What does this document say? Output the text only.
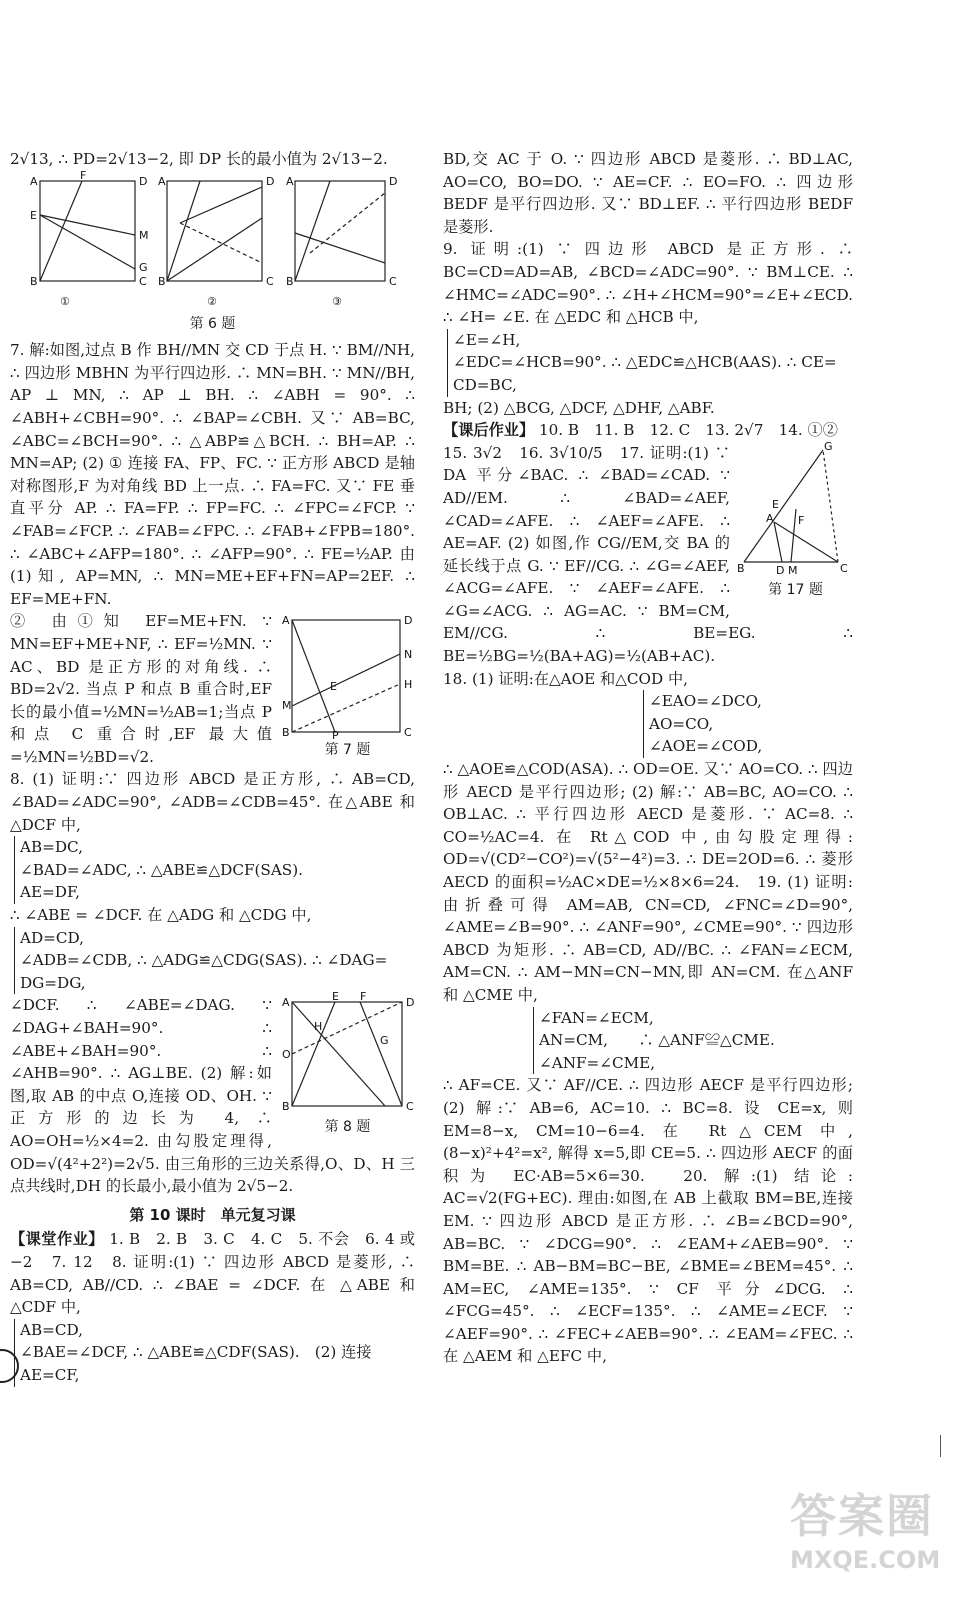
2√13, ∴ PD=2√13−2, 即 DP 长的最小值为 2√13−2.

A	D
B	C
E
F
M
G
A	D
B	C
A	D
B	C
①	②	③
第 6 题

7. 解:如图,过点 B 作 BH//MN 交 CD 于点 H. ∵ BM//NH, ∴ 四边形 MBHN 为平行四边形. ∴ MN=BH. ∵ MN//BH, AP ⊥ MN, ∴ AP ⊥ BH. ∴ ∠ABH = 90°. ∴ ∠ABH+∠CBH=90°. ∴ ∠BAP=∠CBH. 又∵ AB=BC, ∠ABC=∠BCH=90°. ∴ △ABP≌△BCH. ∴ BH=AP. ∴ MN=AP; (2) ① 连接 FA、FP、FC. ∵ 正方形 ABCD 是轴对称图形,F 为对角线 BD 上一点. ∴ FA=FC. 又∵ FE 垂直平分 AP. ∴ FA=FP. ∴ FP=FC. ∴ ∠FPC=∠FCP. ∵ ∠FAB=∠FCP. ∴ ∠FAB=∠FPC. ∴ ∠FAB+∠FPB=180°. ∴ ∠ABC+∠AFP=180°. ∴ ∠AFP=90°. ∴ FE=½AP. 由(1)知, AP=MN, ∴ MN=ME+EF+FN=AP=2EF. ∴ EF=ME+FN.

A	D
B	C
M
N
H
E
P
第 7 题

② 由①知 EF=ME+FN. ∵ MN=EF+ME+NF, ∴ EF=½MN. ∵ AC、BD 是正方形的对角线. ∴ BD=2√2. 当点 P 和点 B 重合时,EF 长的最小值=½MN=½AB=1;当点 P 和点 C 重合时,EF 最大值=½MN=½BD=√2.

8. (1) 证明:∵ 四边形 ABCD 是正方形, ∴ AB=CD, ∠BAD=∠ADC=90°, ∠ADB=∠CDB=45°. 在△ABE 和 △DCF 中,

AB=DC,
∠BAD=∠ADC, ∴ △ABE≌△DCF(SAS).
AE=DF,

∴ ∠ABE = ∠DCF. 在 △ADG 和 △CDG 中,

AD=CD,
∠ADB=∠CDB, ∴ △ADG≌△CDG(SAS). ∴ ∠DAG=
DG=DG,
A	D
B	C
E F
O
H
G
第 8 题

∠DCF. ∴ ∠ABE=∠DAG. ∵ ∠DAG+∠BAH=90°. ∴ ∠ABE+∠BAH=90°. ∴ ∠AHB=90°. ∴ AG⊥BE. (2) 解:如图,取 AB 的中点 O,连接 OD、OH. ∵ 正方形的边长为 4, ∴ AO=OH=½×4=2. 由勾股定理得, OD=√(4²+2²)=2√5. 由三角形的三边关系得,O、D、H 三点共线时,DH 的长最小,最小值为 2√5−2.

第 10 课时　单元复习课

【课堂作业】 1. B　2. B　3. C　4. C　5. 不会　6. 4 或−2　7. 12　8. 证明:(1) ∵ 四边形 ABCD 是菱形, ∴ AB=CD, AB//CD. ∴ ∠BAE = ∠DCF. 在 △ABE 和 △CDF 中,

AB=CD,
∠BAE=∠DCF, ∴ △ABE≌△CDF(SAS).　(2) 连接
AE=CF,

BD,交 AC 于 O. ∵ 四边形 ABCD 是菱形. ∴ BD⊥AC, AO=CO, BO=DO. ∵ AE=CF. ∴ EO=FO. ∴ 四边形 BEDF 是平行四边形. 又∵ BD⊥EF. ∴ 平行四边形 BEDF 是菱形.

9. 证明:(1) ∵ 四边形 ABCD 是正方形. ∴ BC=CD=AD=AB, ∠BCD=∠ADC=90°. ∵ BM⊥CE. ∴ ∠HMC=∠ADC=90°. ∴ ∠H+∠HCM=90°=∠E+∠ECD. ∴ ∠H= ∠E. 在 △EDC 和 △HCB 中,

∠E=∠H,
∠EDC=∠HCB=90°. ∴ △EDC≌△HCB(AAS). ∴ CE=
CD=BC,

BH; (2) △BCG, △DCF, △DHF, △ABF.

【课后作业】 10. B　11. B　12. C　13. 2√7　14. ①②

B	C
G
A
E
F
D M
第 17 题

15. 3√2　16. 3√10/5　17. 证明:(1) ∵ DA 平分∠BAC. ∴ ∠BAD=∠CAD. ∵ AD//EM. ∴ ∠BAD=∠AEF, ∠CAD=∠AFE. ∴ ∠AEF=∠AFE. ∴ AE=AF. (2) 如图,作 CG//EM,交 BA 的延长线于点 G. ∵ EF//CG. ∴ ∠G=∠AEF, ∠ACG=∠AFE. ∵ ∠AEF=∠AFE. ∴ ∠G=∠ACG. ∴ AG=AC. ∵ BM=CM, EM//CG. ∴ BE=EG. ∴ BE=½BG=½(BA+AG)=½(AB+AC).

18. (1) 证明:在△AOE 和△COD 中,

∠EAO=∠DCO,
AO=CO,
∠AOE=∠COD,

∴ △AOE≌△COD(ASA). ∴ OD=OE. 又∵ AO=CO. ∴ 四边形 AECD 是平行四边形; (2) 解:∵ AB=BC, AO=CO. ∴ OB⊥AC. ∴ 平行四边形 AECD 是菱形. ∵ AC=8. ∴ CO=½AC=4. 在 Rt△COD 中,由勾股定理得: OD=√(CD²−CO²)=√(5²−4²)=3. ∴ DE=2OD=6. ∴ 菱形 AECD 的面积=½AC×DE=½×8×6=24.　19. (1) 证明:由折叠可得 AM=AB, CN=CD, ∠FNC=∠D=90°, ∠AME=∠B=90°. ∴ ∠ANF=90°, ∠CME=90°. ∵ 四边形 ABCD 为矩形. ∴ AB=CD, AD//BC. ∴ ∠FAN=∠ECM, AM=CN. ∴ AM−MN=CN−MN,即 AN=CM. 在△ANF 和 △CME 中,

∠FAN=∠ECM,
AN=CM,　　∴ △ANF≌△CME.
∠ANF=∠CME,

∴ AF=CE. 又∵ AF//CE. ∴ 四边形 AECF 是平行四边形; (2) 解:∵ AB=6, AC=10. ∴ BC=8. 设 CE=x, 则 EM=8−x, CM=10−6=4. 在 Rt△CEM 中, (8−x)²+4²=x², 解得 x=5,即 CE=5. ∴ 四边形 AECF 的面积为 EC·AB=5×6=30.　20. 解:(1) 结论: AC=√2(FG+EC). 理由:如图,在 AB 上截取 BM=BE,连接 EM. ∵ 四边形 ABCD 是正方形. ∴ ∠B=∠BCD=90°, AB=BC. ∵ ∠DCG=90°. ∴ ∠EAM+∠AEB=90°. ∵ BM=BE. ∴ AB−BM=BC−BE, ∠BME=∠BEM=45°. ∴ AM=EC, ∠AME=135°. ∵ CF 平分∠DCG. ∴ ∠FCG=45°. ∴ ∠ECF=135°. ∴ ∠AME=∠ECF. ∵ ∠AEF=90°. ∴ ∠FEC+∠AEB=90°. ∴ ∠EAM=∠FEC. ∴ 在 △AEM 和 △EFC 中,

答案圈
MXQE.COM
